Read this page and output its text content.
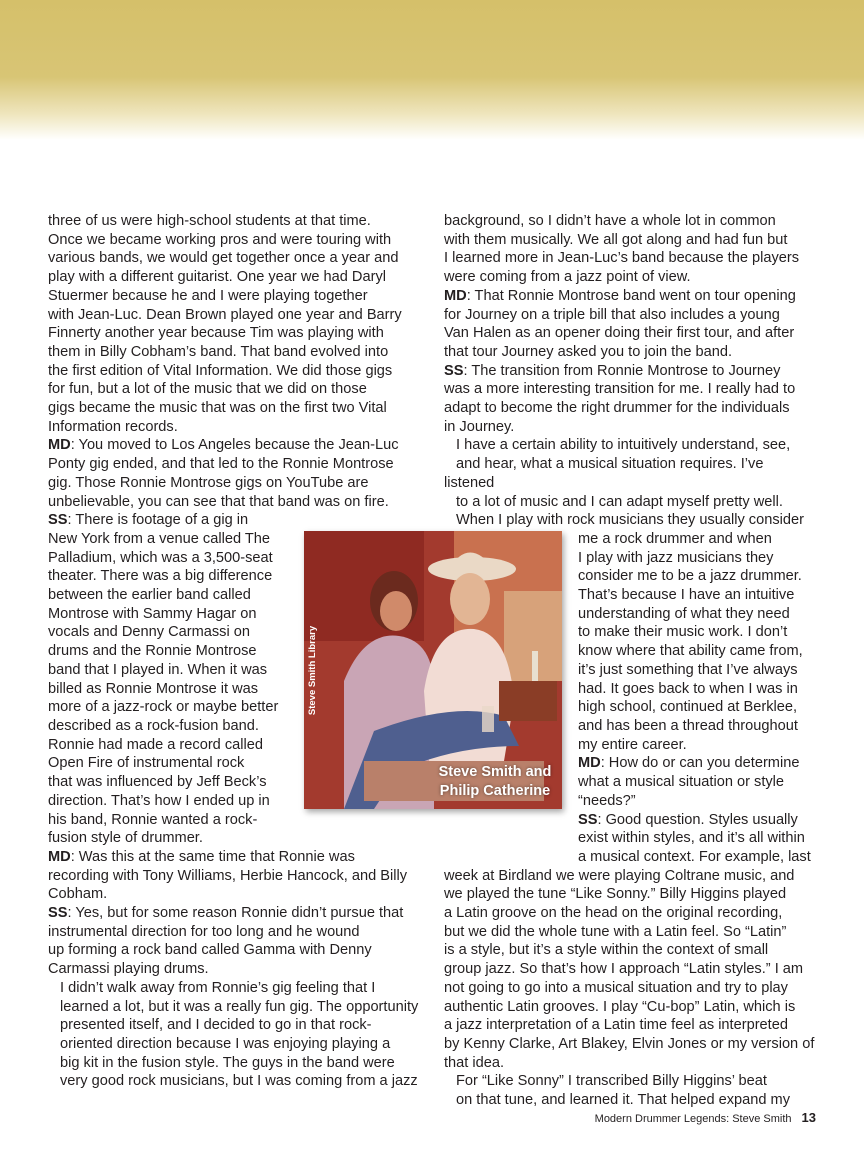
three of us were high-school students at that time.
Once we became working pros and were touring with
various bands, we would get together once a year and
play with a different guitarist. One year we had Daryl
Stuermer because he and I were playing together
with Jean-Luc. Dean Brown played one year and Barry
Finnerty another year because Tim was playing with
them in Billy Cobham’s band. That band evolved into
the first edition of Vital Information. We did those gigs
for fun, but a lot of the music that we did on those
gigs became the music that was on the first two Vital
Information records.
MD: You moved to Los Angeles because the Jean-Luc
Ponty gig ended, and that led to the Ronnie Montrose
gig. Those Ronnie Montrose gigs on YouTube are
unbelievable, you can see that that band was on fire.
SS: There is footage of a gig in
New York from a venue called The
Palladium, which was a 3,500-seat
theater. There was a big difference
between the earlier band called
Montrose with Sammy Hagar on
vocals and Denny Carmassi on
drums and the Ronnie Montrose
band that I played in. When it was
billed as Ronnie Montrose it was
more of a jazz-rock or maybe better
described as a rock-fusion band.
Ronnie had made a record called
Open Fire of instrumental rock
that was influenced by Jeff Beck’s
direction. That’s how I ended up in
his band, Ronnie wanted a rock-
fusion style of drummer.
MD: Was this at the same time that Ronnie was
recording with Tony Williams, Herbie Hancock, and Billy
Cobham.
SS: Yes, but for some reason Ronnie didn’t pursue that
instrumental direction for too long and he wound
up forming a rock band called Gamma with Denny
Carmassi playing drums.
I didn’t walk away from Ronnie’s gig feeling that I
learned a lot, but it was a really fun gig. The opportunity
presented itself, and I decided to go in that rock-
oriented direction because I was enjoying playing a
big kit in the fusion style. The guys in the band were
very good rock musicians, but I was coming from a jazz
background, so I didn’t have a whole lot in common
with them musically. We all got along and had fun but
I learned more in Jean-Luc’s band because the players
were coming from a jazz point of view.
MD: That Ronnie Montrose band went on tour opening
for Journey on a triple bill that also includes a young
Van Halen as an opener doing their first tour, and after
that tour Journey asked you to join the band.
SS: The transition from Ronnie Montrose to Journey
was a more interesting transition for me. I really had to
adapt to become the right drummer for the individuals
in Journey.
I have a certain ability to intuitively understand, see,
and hear, what a musical situation requires. I’ve listened
to a lot of music and I can adapt myself pretty well.
When I play with rock musicians they usually consider
me a rock drummer and when
I play with jazz musicians they
consider me to be a jazz drummer.
That’s because I have an intuitive
understanding of what they need
to make their music work. I don’t
know where that ability came from,
it’s just something that I’ve always
had. It goes back to when I was in
high school, continued at Berklee,
and has been a thread throughout
my entire career.
MD: How do or can you determine
what a musical situation or style
“needs?”
SS: Good question. Styles usually
exist within styles, and it’s all within
a musical context. For example, last
week at Birdland we were playing Coltrane music, and
we played the tune “Like Sonny.” Billy Higgins played
a Latin groove on the head on the original recording,
but we did the whole tune with a Latin feel. So “Latin”
is a style, but it’s a style within the context of small
group jazz. So that’s how I approach “Latin styles.” I am
not going to go into a musical situation and try to play
authentic Latin grooves. I play “Cu-bop” Latin, which is
a jazz interpretation of a Latin time feel as interpreted
by Kenny Clarke, Art Blakey, Elvin Jones or my version of
that idea.
For “Like Sonny” I transcribed Billy Higgins’ beat
on that tune, and learned it. That helped expand my
Steve Smith Library
Steve Smith and
Philip Catherine
Modern Drummer Legends: Steve Smith 13
